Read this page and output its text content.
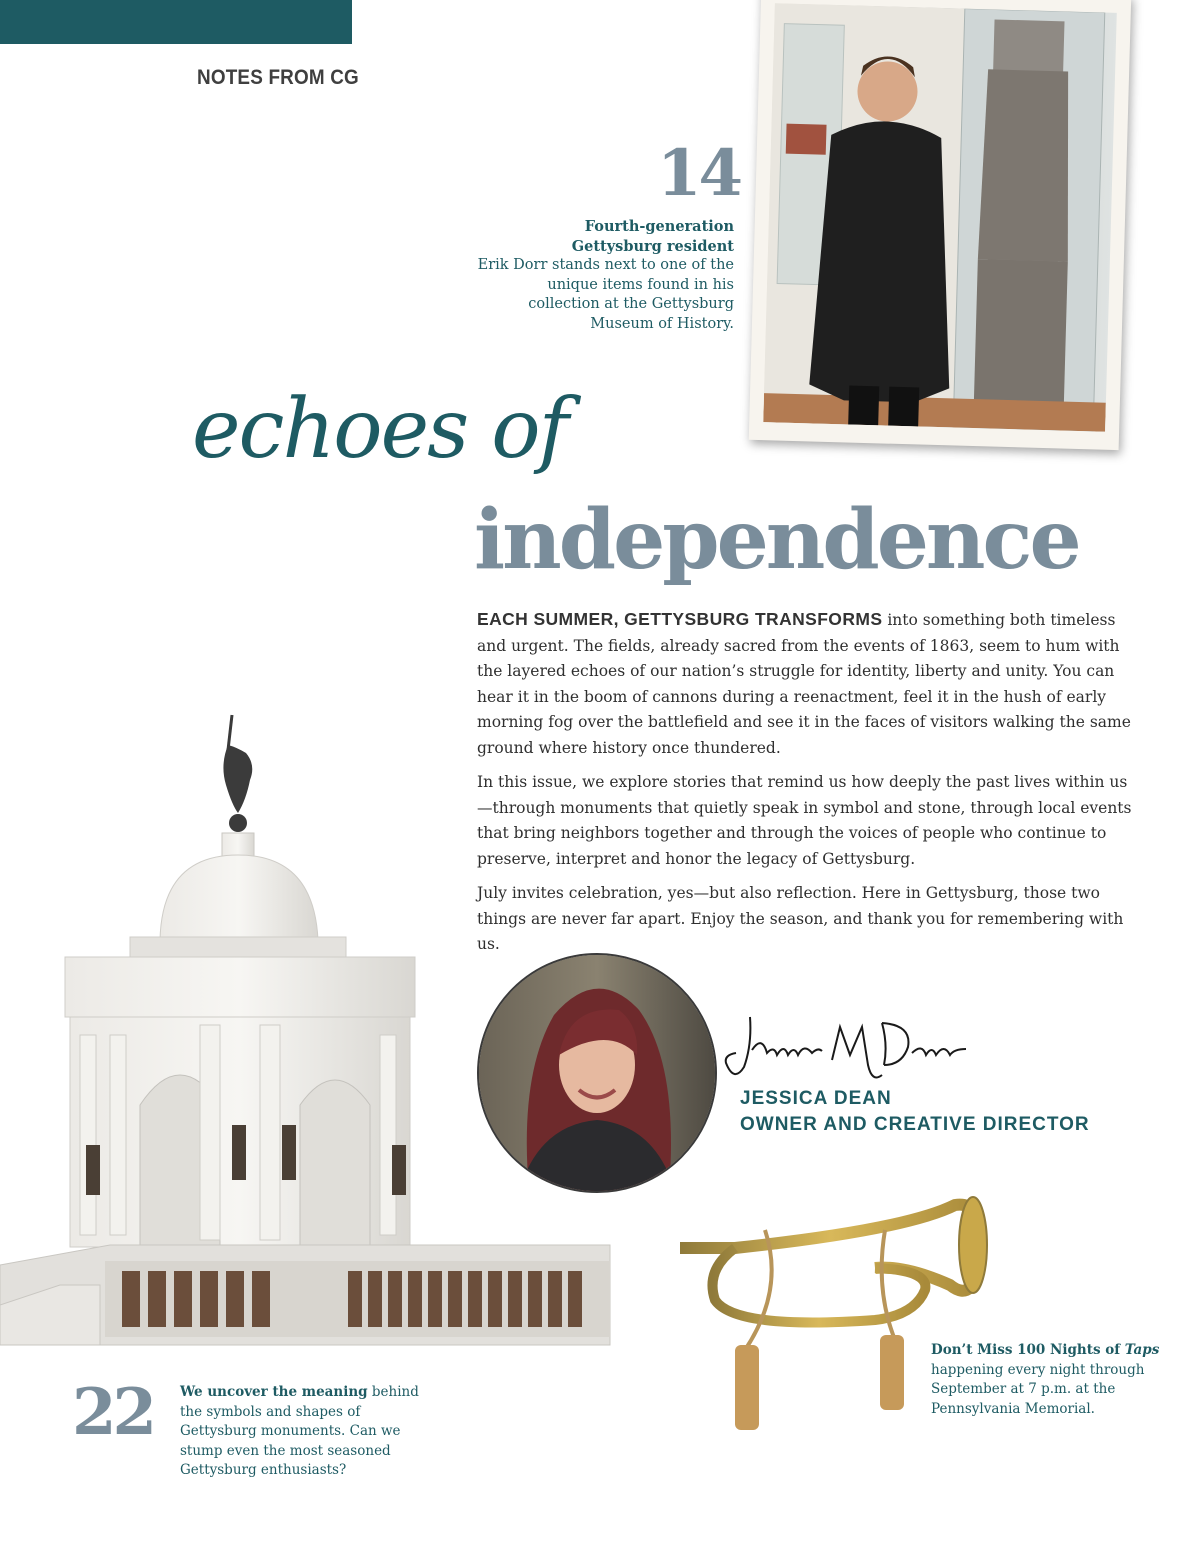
NOTES FROM CG
14
Fourth-generation
Gettysburg resident
Erik Dorr stands next to one of the unique items found in his collection at the Gettysburg Museum of History.
echoes of
independence

EACH SUMMER, GETTYSBURG TRANSFORMS into something both timeless and urgent. The fields, already sacred from the events of 1863, seem to hum with the layered echoes of our nation’s struggle for identity, liberty and unity. You can hear it in the boom of cannons during a reenactment, feel it in the hush of early morning fog over the battlefield and see it in the faces of visitors walking the same ground where history once thundered.

In this issue, we explore stories that remind us how deeply the past lives within us—through monuments that quietly speak in symbol and stone, through local events that bring neighbors together and through the voices of people who continue to preserve, interpret and honor the legacy of Gettysburg.

July invites celebration, yes—but also reflection. Here in Gettysburg, those two things are never far apart. Enjoy the season, and thank you for remembering with us.

JESSICA DEAN
OWNER AND CREATIVE DIRECTOR
22 We uncover the meaning behind the symbols and shapes of Gettysburg monuments. Can we stump even the most seasoned Gettysburg enthusiasts?
Don’t Miss 100 Nights of Taps happening every night through September at 7 p.m. at the Pennsylvania Memorial.
